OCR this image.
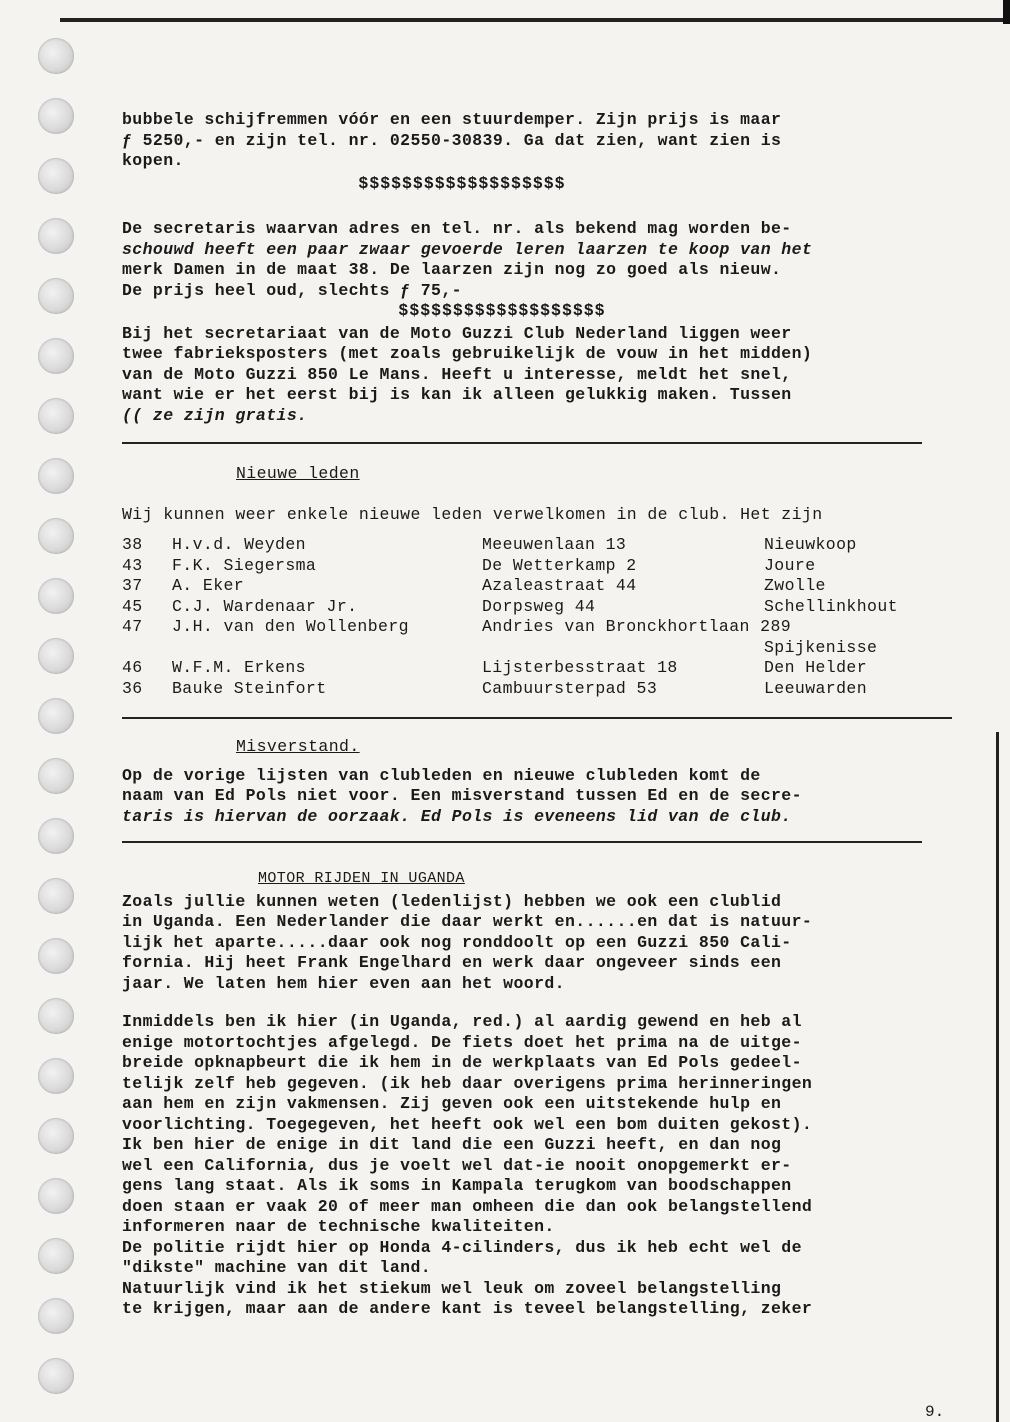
bubbele schijfremmen vóór en een stuurdemper. Zijn prijs is maar

ƒ 5250,- en zijn tel. nr. 02550-30839. Ga dat zien, want zien is

kopen.

$$$$$$$$$$$$$$$$$$$

De secretaris waarvan adres en tel. nr. als bekend mag worden be-

schouwd heeft een paar zwaar gevoerde leren laarzen te koop van het

merk Damen in de maat 38. De laarzen zijn nog zo goed als nieuw.

De prijs heel oud, slechts ƒ 75,-

$$$$$$$$$$$$$$$$$$$

Bij het secretariaat van de Moto Guzzi Club Nederland liggen weer

twee fabrieksposters (met zoals gebruikelijk de vouw in het midden)

van de Moto Guzzi 850 Le Mans. Heeft u interesse, meldt het snel,

want wie er het eerst bij is kan ik alleen gelukkig maken. Tussen

(( ze zijn gratis.

Nieuwe leden

Wij kunnen weer enkele nieuwe leden verwelkomen in de club. Het zijn

38	H.v.d. Weyden	Meeuwenlaan 13	Nieuwkoop
43	F.K. Siegersma	De Wetterkamp 2	Joure
37	A. Eker	Azaleastraat 44	Zwolle
45	C.J. Wardenaar Jr.	Dorpsweg 44	Schellinkhout
47	J.H. van den Wollenberg	Andries van Bronckhortlaan 289	
			Spijkenisse
46	W.F.M. Erkens	Lijsterbesstraat 18	Den Helder
36	Bauke Steinfort	Cambuursterpad 53	Leeuwarden

Misverstand.

Op de vorige lijsten van clubleden en nieuwe clubleden komt de

naam van Ed Pols niet voor. Een misverstand tussen Ed en de secre-

taris is hiervan de oorzaak. Ed Pols is eveneens lid van de club.

MOTOR RIJDEN IN UGANDA

Zoals jullie kunnen weten (ledenlijst) hebben we ook een clublid

in Uganda. Een Nederlander die daar werkt en......en dat is natuur-

lijk het aparte.....daar ook nog ronddoolt op een Guzzi 850 Cali-

fornia. Hij heet Frank Engelhard en werk daar ongeveer sinds een

jaar. We laten hem hier even aan het woord.

Inmiddels ben ik hier (in Uganda, red.) al aardig gewend en heb al

enige motortochtjes afgelegd. De fiets doet het prima na de uitge-

breide opknapbeurt die ik hem in de werkplaats van Ed Pols gedeel-

telijk zelf heb gegeven. (ik heb daar overigens prima herinneringen

aan hem en zijn vakmensen. Zij geven ook een uitstekende hulp en

voorlichting. Toegegeven, het heeft ook wel een bom duiten gekost).

Ik ben hier de enige in dit land die een Guzzi heeft, en dan nog

wel een California, dus je voelt wel dat-ie nooit onopgemerkt er-

gens lang staat. Als ik soms in Kampala terugkom van boodschappen

doen staan er vaak 20 of meer man omheen die dan ook belangstellend

informeren naar de technische kwaliteiten.

De politie rijdt hier op Honda 4-cilinders, dus ik heb echt wel de

"dikste" machine van dit land.

Natuurlijk vind ik het stiekum wel leuk om zoveel belangstelling

te krijgen, maar aan de andere kant is teveel belangstelling, zeker

9.
